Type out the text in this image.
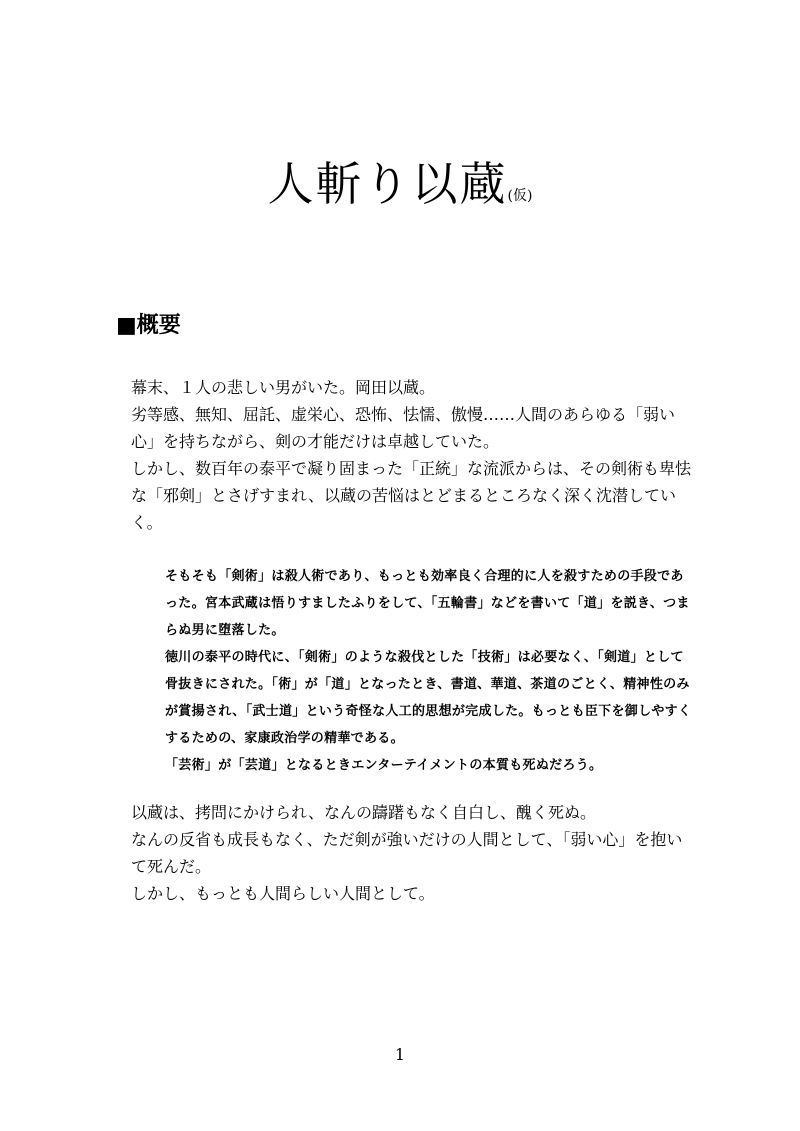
人斬り以蔵(仮)
■概要

幕末、１人の悲しい男がいた。岡田以蔵。

劣等感、無知、屈託、虚栄心、恐怖、怯懦、傲慢……人間のあらゆる「弱い心」を持ちながら、剣の才能だけは卓越していた。

しかし、数百年の泰平で凝り固まった「正統」な流派からは、その剣術も卑怯な「邪剣」とさげすまれ、以蔵の苦悩はとどまるところなく深く沈潜していく。

そもそも「剣術」は殺人術であり、もっとも効率良く合理的に人を殺すための手段であった。宮本武蔵は悟りすましたふりをして、「五輪書」などを書いて「道」を説き、つまらぬ男に堕落した。

徳川の泰平の時代に、「剣術」のような殺伐とした「技術」は必要なく、「剣道」として骨抜きにされた。「術」が「道」となったとき、書道、華道、茶道のごとく、精神性のみが賞揚され、「武士道」という奇怪な人工的思想が完成した。もっとも臣下を御しやすくするための、家康政治学の精華である。

「芸術」が「芸道」となるときエンターテイメントの本質も死ぬだろう。

以蔵は、拷問にかけられ、なんの躊躇もなく自白し、醜く死ぬ。

なんの反省も成長もなく、ただ剣が強いだけの人間として、「弱い心」を抱いて死んだ。

しかし、もっとも人間らしい人間として。

1
